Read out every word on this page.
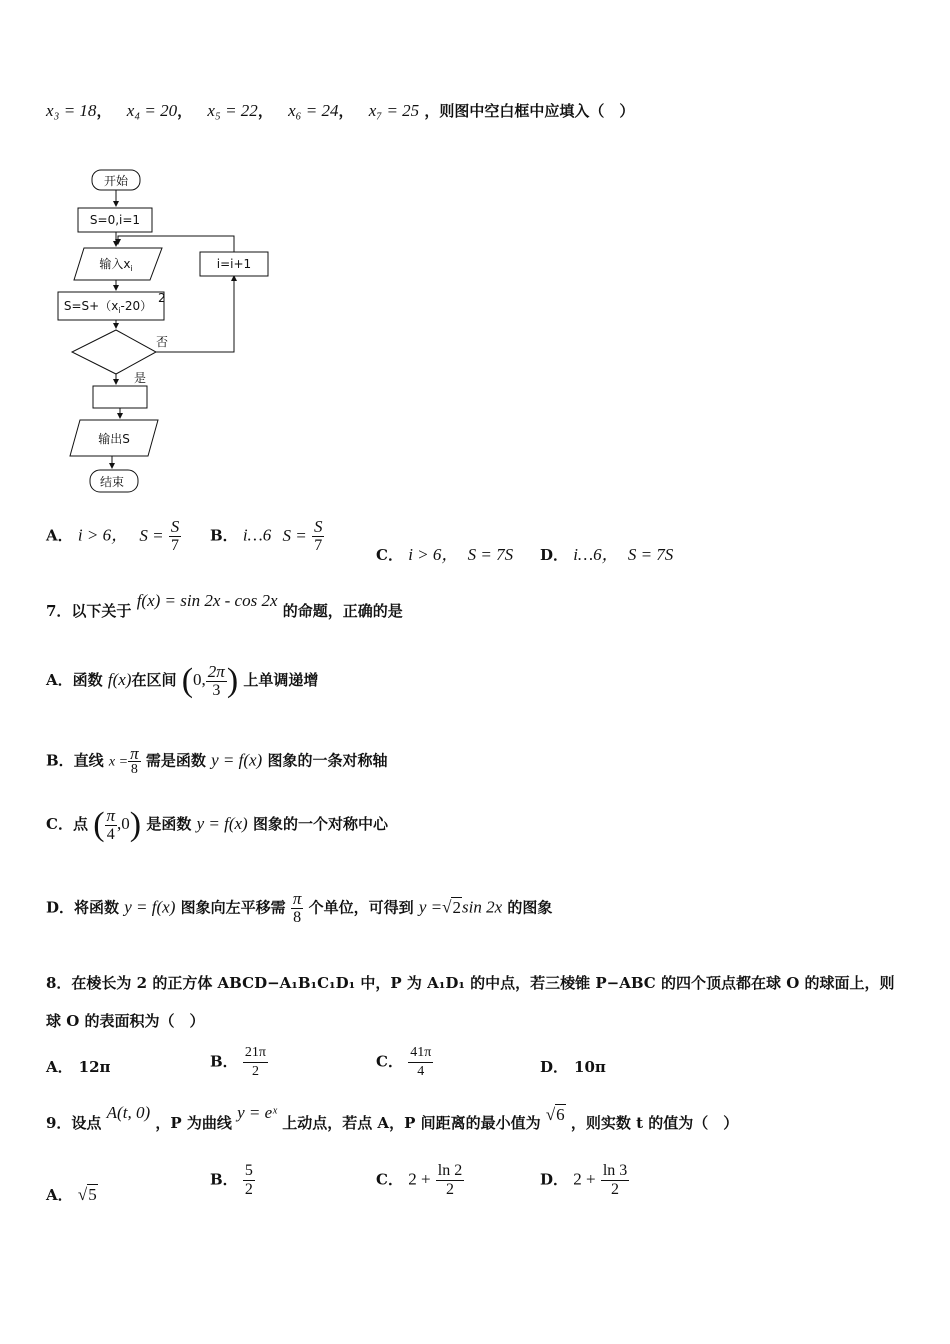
x₃ = 18， x₄ = 20， x₅ = 22， x₆ = 24， x₇ = 25 ，则图中空白框中应填入（　）
开始
S=0,i=1
输入$x_i$
$S=S+(x_i-20)$
2
否
i=i+1
是
输出S
结束
A． i > 6， $S = \frac{S}{7}$ B． i…6 $S = \frac{S}{7}$	C． i > 6， S = 7S D． i…6， S = 7S
7．以下关于 f(x) = sin 2x - cos 2x 的命题，正确的是
A．函数 f(x)在区间 (0, $\frac{2\pi}{3}$ ) 上单调递增
B．直线 $x = \frac{\pi}{8}$ 需是函数 y = f(x) 图象的一条对称轴
C．点 ( $\frac{\pi}{4} ,0$) 是函数 y = f(x) 图象的一个对称中心
D．将函数 y = f(x) 图象向左平移需 $\frac{\pi}{8}$ 个单位，可得到 y =√2sin 2x 的图象
8．在棱长为 2 的正方体 ABCD−A₁B₁C₁D₁ 中，P 为 A₁D₁ 的中点，若三棱锥 P−ABC 的四个顶点都在球 O 的球面上，则
球 O 的表面积为（　）
A． 12π	B． $\frac{21\pi}{2}$	C． $\frac{41\pi}{4}$	D． 10π
9．设点 A(t, 0) ，P 为曲线 y = eˣ 上动点，若点 A，P 间距离的最小值为 √6 ，则实数 t 的值为（　）
A． √5
B． $\frac{5}{2}$	C． $2 + \frac{\ln 2}{2}$	D． $2 + \frac{\ln 3}{2}$
